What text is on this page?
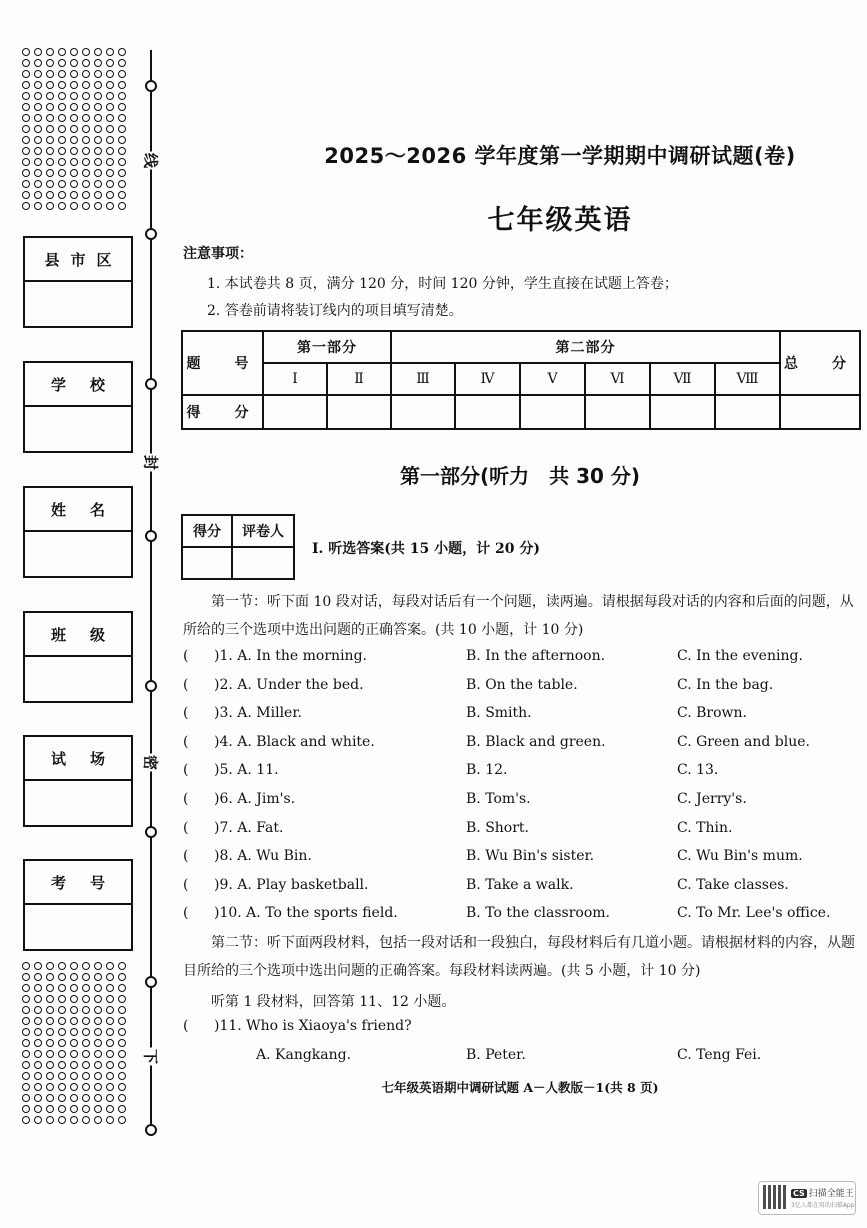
县 市 区
学 校
姓 名
班 级
试 场
考 号
线
封
密
下
2025～2026 学年度第一学期期中调研试题(卷)
七年级英语
注意事项：
1. 本试卷共 8 页，满分 120 分，时间 120 分钟，学生直接在试题上答卷；
2. 答卷前请将装订线内的项目填写清楚。
题　号	第一部分		第二部分						总　分
	Ⅰ	Ⅱ	Ⅲ	Ⅳ	Ⅴ	Ⅵ	Ⅶ	Ⅷ	
得　分									
第一部分(听力　共 30 分)
得分	评卷人

Ⅰ. 听选答案(共 15 小题，计 20 分)
第一节：听下面 10 段对话，每段对话后有一个问题，读两遍。请根据每段对话的内容和后面的问题，从所给的三个选项中选出问题的正确答案。(共 10 小题，计 10 分)
( )1. A. In the morning.	B. In the afternoon.	C. In the evening.
( )2. A. Under the bed.	B. On the table.	C. In the bag.
( )3. A. Miller.	B. Smith.	C. Brown.
( )4. A. Black and white.	B. Black and green.	C. Green and blue.
( )5. A. 11.	B. 12.	C. 13.
( )6. A. Jim's.	B. Tom's.	C. Jerry's.
( )7. A. Fat.	B. Short.	C. Thin.
( )8. A. Wu Bin.	B. Wu Bin's sister.	C. Wu Bin's mum.
( )9. A. Play basketball.	B. Take a walk.	C. Take classes.
( )10. A. To the sports field.	B. To the classroom.	C. To Mr. Lee's office.
第二节：听下面两段材料，包括一段对话和一段独白，每段材料后有几道小题。请根据材料的内容，从题目所给的三个选项中选出问题的正确答案。每段材料读两遍。(共 5 小题，计 10 分)
听第 1 段材料，回答第 11、12 小题。
( )11. Who is Xiaoya's friend?
A. Kangkang.	B. Peter.	C. Teng Fei.
七年级英语期中调研试题 A－人教版－1(共 8 页)
CS 扫描全能王
3亿人都在用的扫描App
